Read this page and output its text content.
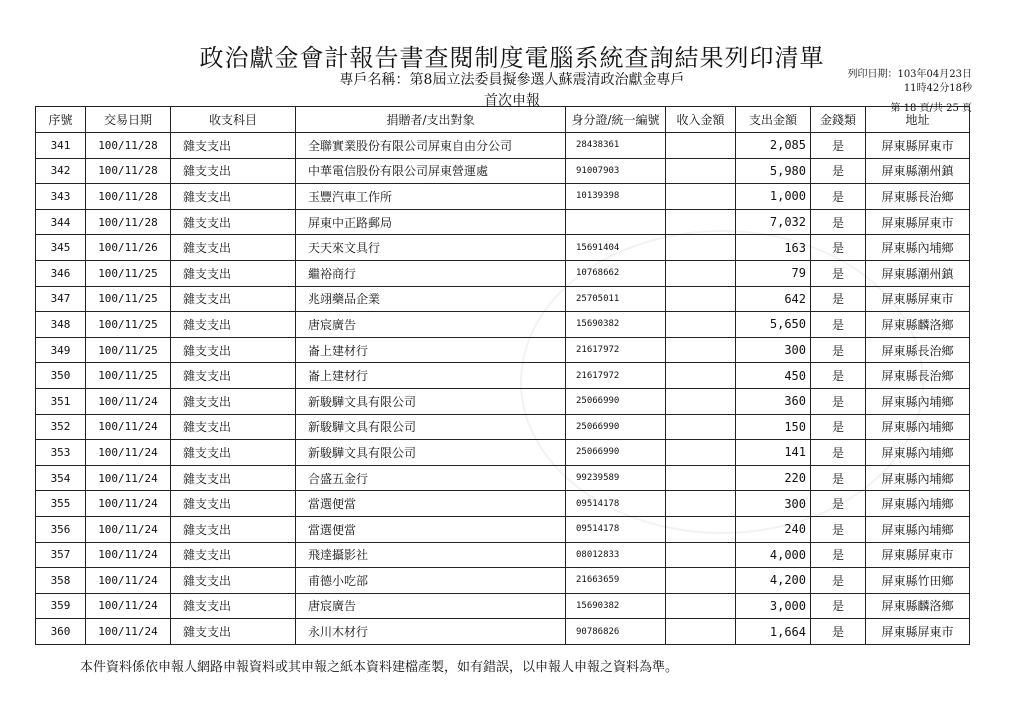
政治獻金會計報告書查閱制度電腦系統查詢結果列印清單
專戶名稱：第8屆立法委員擬參選人蘇震清政治獻金專戶
首次申報
列印日期：103年04月23日
11時42分18秒
第 18 頁/共 25 頁
序號	交易日期	收支科目	捐贈者/支出對象	身分證/統一編號	收入金額	支出金額	金錢類	地址
341	100/11/28	雜支支出	全聯實業股份有限公司屏東自由分公司	28438361		2,085	是	屏東縣屏東市
342	100/11/28	雜支支出	中華電信股份有限公司屏東營運處	91007903		5,980	是	屏東縣潮州鎮
343	100/11/28	雜支支出	玉豐汽車工作所	10139398		1,000	是	屏東縣長治鄉
344	100/11/28	雜支支出	屏東中正路郵局			7,032	是	屏東縣屏東市
345	100/11/26	雜支支出	天天來文具行	15691404		163	是	屏東縣內埔鄉
346	100/11/25	雜支支出	繼裕商行	10768662		79	是	屏東縣潮州鎮
347	100/11/25	雜支支出	兆翊藥品企業	25705011		642	是	屏東縣屏東市
348	100/11/25	雜支支出	唐宸廣告	15690382		5,650	是	屏東縣麟洛鄉
349	100/11/25	雜支支出	崙上建材行	21617972		300	是	屏東縣長治鄉
350	100/11/25	雜支支出	崙上建材行	21617972		450	是	屏東縣長治鄉
351	100/11/24	雜支支出	新駿驊文具有限公司	25066990		360	是	屏東縣內埔鄉
352	100/11/24	雜支支出	新駿驊文具有限公司	25066990		150	是	屏東縣內埔鄉
353	100/11/24	雜支支出	新駿驊文具有限公司	25066990		141	是	屏東縣內埔鄉
354	100/11/24	雜支支出	合盛五金行	99239589		220	是	屏東縣內埔鄉
355	100/11/24	雜支支出	當選便當	09514178		300	是	屏東縣內埔鄉
356	100/11/24	雜支支出	當選便當	09514178		240	是	屏東縣內埔鄉
357	100/11/24	雜支支出	飛達攝影社	08012833		4,000	是	屏東縣屏東市
358	100/11/24	雜支支出	甫德小吃部	21663659		4,200	是	屏東縣竹田鄉
359	100/11/24	雜支支出	唐宸廣告	15690382		3,000	是	屏東縣麟洛鄉
360	100/11/24	雜支支出	永川木材行	90786826		1,664	是	屏東縣屏東市
本件資料係依申報人網路申報資料或其申報之紙本資料建檔產製，如有錯誤，以申報人申報之資料為準。
